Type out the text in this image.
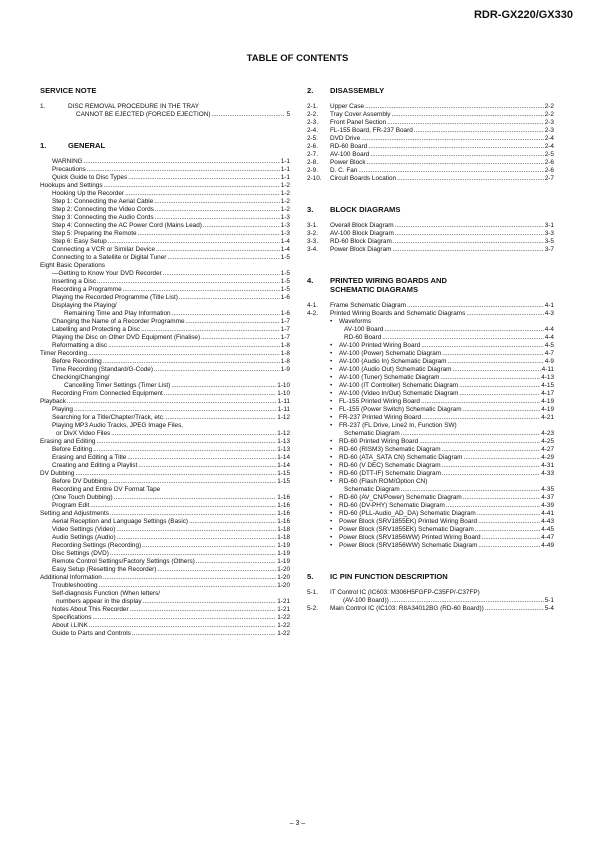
RDR-GX220/GX330
TABLE OF CONTENTS
SERVICE NOTE
1.	DISC REMOVAL PROCEDURE IN THE TRAY
CANNOT BE EJECTED (FORCED EJECTION) .....	5
1.	GENERAL
WARNING .....	1-1
Precautions .....	1-1
Quick Guide to Disc Types .....	1-1
Hookups and Settings .....	1-2
Hooking Up the Recorder .....	1-2
Step 1: Connecting the Aerial Cable .....	1-2
Step 2: Connecting the Video Cords .....	1-2
Step 3: Connecting the Audio Cords .....	1-3
Step 4: Connecting the AC Power Cord (Mains Lead) .....	1-3
Step 5: Preparing the Remote .....	1-3
Step 6: Easy Setup .....	1-4
Connecting a VCR or Similar Device .....	1-4
Connecting to a Satellite or Digital Tuner .....	1-5
Eight Basic Operations
—Getting to Know Your DVD Recorder .....	1-5
Inserting a Disc .....	1-5
Recording a Programme .....	1-5
Playing the Recorded Programme (Title List) .....	1-6
Displaying the Playing/
Remaining Time and Play Information .....	1-6
Changing the Name of a Recorder Programme .....	1-7
Labelling and Protecting a Disc .....	1-7
Playing the Disc on Other DVD Equipment (Finalise) .....	1-7
Reformatting a disc .....	1-8
Timer Recording .....	1-8
Before Recording .....	1-8
Time Recording (Standard/G-Code) .....	1-9
Checking/Changing/
Cancelling Timer Settings (Timer List) .....	1-10
Recording From Connected Equipment .....	1-10
Playback .....	1-11
Playing .....	1-11
Searching for a Title/Chapter/Track, etc. .....	1-12
Playing MP3 Audio Tracks, JPEG Image Files,
or DivX Video Files .....	1-12
Erasing and Editing .....	1-13
Before Editing .....	1-13
Erasing and Editing a Title .....	1-14
Creating and Editing a Playlist .....	1-14
DV Dubbing .....	1-15
Before DV Dubbing .....	1-15
Recording and Entire DV Format Tape
(One Touch Dubbing) .....	1-16
Program Edit .....	1-16
Setting and Adjustments .....	1-16
Aerial Reception and Language Settings (Basic) .....	1-16
Video Settings (Video) .....	1-18
Audio Settings (Audio) .....	1-18
Recording Settings (Recording) .....	1-19
Disc Settings (DVD) .....	1-19
Remote Control Settings/Factory Settings (Others) .....	1-19
Easy Setup (Resetting the Recorder) .....	1-20
Additional Information .....	1-20
Troubleshooting .....	1-20
Self-diagnosis Function (When letters/
numbers appear in the display .....	1-21
Notes About This Recorder .....	1-21
Specifications .....	1-22
About i.LINK .....	1-22
Guide to Parts and Controls .....	1-22
2. DISASSEMBLY
2-1.	Upper Case .....	2-2
2-2.	Tray Cover Assembly .....	2-2
2-3.	Front Panel Section .....	2-3
2-4.	FL-155 Board, FR-237 Board .....	2-3
2-5.	DVD Drive .....	2-4
2-6.	RD-60 Board .....	2-4
2-7.	AV-100 Board .....	2-5
2-8.	Power Block .....	2-6
2-9.	D. C. Fan .....	2-6
2-10.	Circuit Boards Location .....	2-7
3. BLOCK DIAGRAMS
3-1.	Overall Block Diagram .....	3-1
3-2.	AV-100 Block Diagram .....	3-3
3-3.	RD-60 Block Diagram .....	3-5
3-4.	Power Block Diagram .....	3-7
4. PRINTED WIRING BOARDS AND
SCHEMATIC DIAGRAMS
4-1.	Frame Schematic Diagram .....	4-1
4-2.	Printed Wiring Boards and Schematic Diagrams .....	4-3
•	Waveforms
AV-100 Board .....	4-4
RD-60 Board .....	4-4
•	AV-100 Printed Wiring Board .....	4-5
•	AV-100 (Power) Schematic Diagram .....	4-7
•	AV-100 (Audio In) Schematic Diagram .....	4-9
•	AV-100 (Audio Out) Schematic Diagram .....	4-11
•	AV-100 (Tuner) Schematic Diagram .....	4-13
•	AV-100 (IT Controller) Schematic Diagram .....	4-15
•	AV-100 (Video In/Out) Schematic Diagram .....	4-17
•	FL-155 Printed Wiring Board .....	4-19
•	FL-155 (Power Switch) Schematic Diagram .....	4-19
•	FR-237 Printed Wiring Board .....	4-21
•	FR-237 (FL Drive, Line2 In, Function SW)
Schematic Diagram .....	4-23
•	RD-60 Printed Wiring Board .....	4-25
•	RD-60 (RISM3) Schematic Diagram .....	4-27
•	RD-60 (ATA_SATA CN) Schematic Diagram .....	4-29
•	RD-60 (V DEC) Schematic Diagram .....	4-31
•	RD-60 (DTT-IF) Schematic Diagram .....	4-33
•	RD-60 (Flash ROM/Option CN)
Schematic Diagram .....	4-35
•	RD-60 (AV_CN/Power) Schematic Diagram .....	4-37
•	RD-60 (DV-PHY) Schematic Diagram .....	4-39
•	RD-60 (PLL-Audio_AD_DA) Schematic Diagram .....	4-41
•	Power Block (SRV1855EK) Printed Wiring Board .....	4-43
•	Power Block (SRV1855EK) Schematic Diagram .....	4-45
•	Power Block (SRV1856WW) Printed Wiring Board .....	4-47
•	Power Block (SRV1856WW) Schematic Diagram .....	4-49
5. IC PIN FUNCTION DESCRIPTION
5-1.	IT Control IC (IC603: M306H5FGFP-C35FP/-C37FP)
(AV-100 Board)) .....	5-1
5-2.	Main Control IC (IC103: R8A34012BG (RD-60 Board)) .....	5-4
– 3 –
